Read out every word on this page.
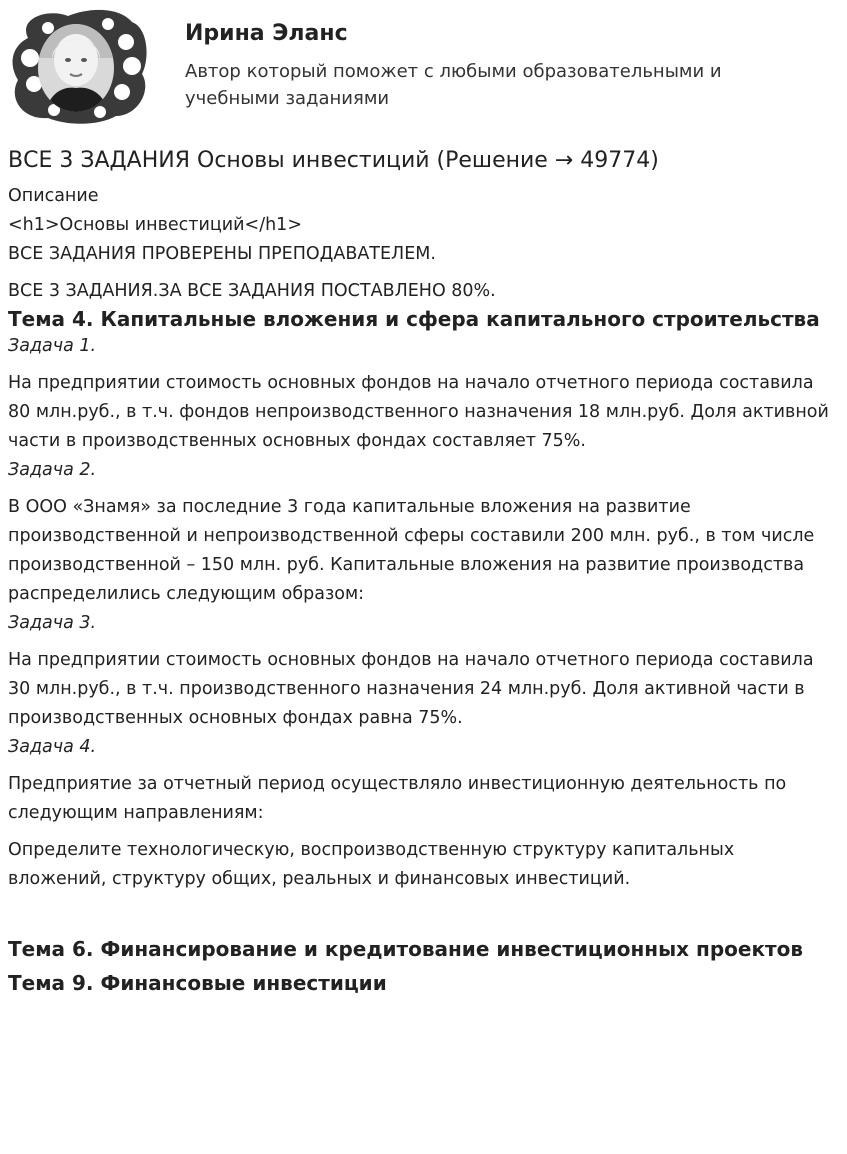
Ирина Эланс
Автор который поможет с любыми образовательными и учебными заданиями
ВСЕ 3 ЗАДАНИЯ Основы инвестиций (Решение → 49774)
Описание
<h1>Основы инвестиций</h1>
ВСЕ ЗАДАНИЯ ПРОВЕРЕНЫ ПРЕПОДАВАТЕЛЕМ.
ВСЕ 3 ЗАДАНИЯ.ЗА ВСЕ ЗАДАНИЯ ПОСТАВЛЕНО 80%.
Тема 4. Капитальные вложения и сфера капитального строительства
Задача 1.
На предприятии стоимость основных фондов на начало отчетного периода составила 80 млн.руб., в т.ч. фондов непроизводственного назначения 18 млн.руб. Доля активной части в производственных основных фондах составляет 75%.
Задача 2.
В ООО «Знамя» за последние 3 года капитальные вложения на развитие производственной и непроизводственной сферы составили 200 млн. руб., в том числе производственной – 150 млн. руб. Капитальные вложения на развитие производства распределились следующим образом:
Задача 3.
На предприятии стоимость основных фондов на начало отчетного периода составила 30 млн.руб., в т.ч. производственного назначения 24 млн.руб. Доля активной части в производственных основных фондах равна 75%.
Задача 4.
Предприятие за отчетный период осуществляло инвестиционную деятельность по следующим направлениям:
Определите технологическую, воспроизводственную структуру капитальных вложений, структуру общих, реальных и финансовых инвестиций.
Тема 6. Финансирование и кредитование инвестиционных проектов
Тема 9. Финансовые инвестиции
